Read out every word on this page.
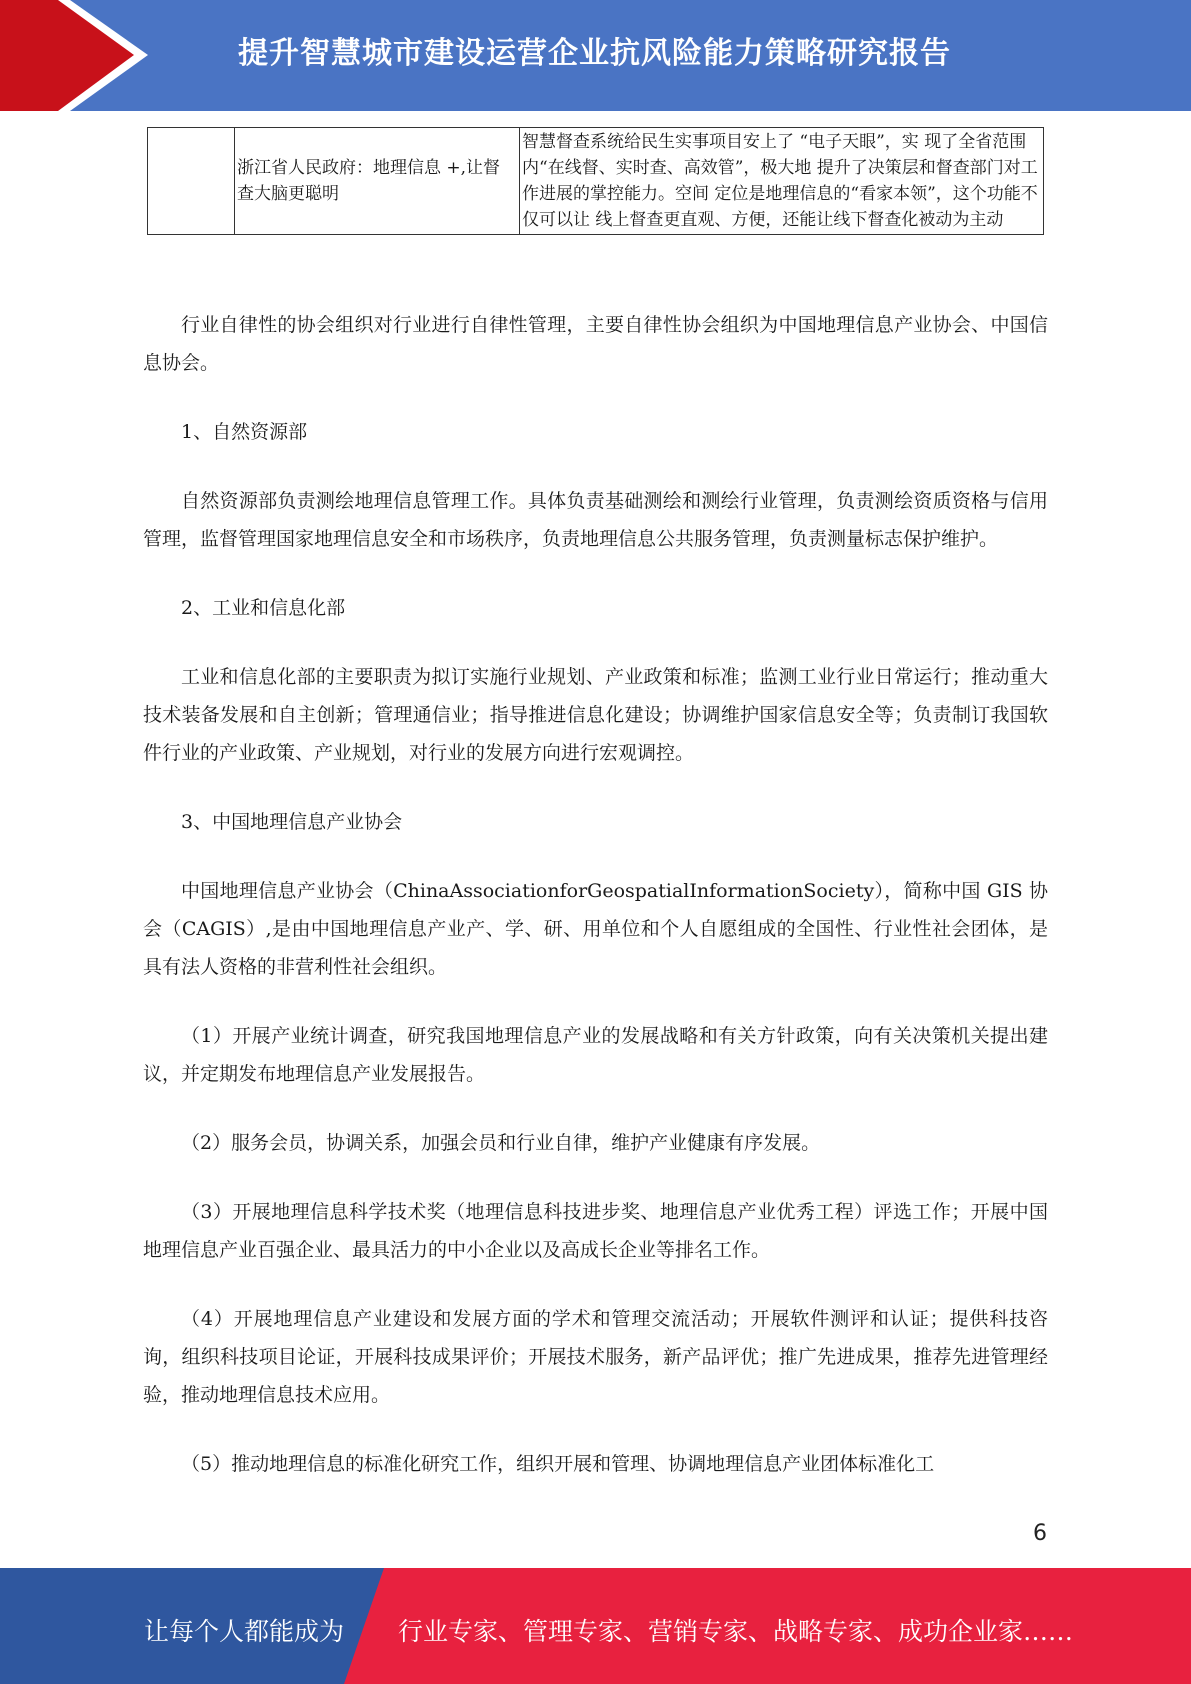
提升智慧城市建设运营企业抗风险能力策略研究报告
	浙江省人民政府：地理信息 +,让督查大脑更聪明	智慧督查系统给民生实事项目安上了 “电子天眼”，实 现了全省范围内“在线督、实时查、高效管”，极大地 提升了决策层和督查部门对工作进展的掌控能力。空间 定位是地理信息的“看家本领”，这个功能不仅可以让 线上督查更直观、方便，还能让线下督查化被动为主动

行业自律性的协会组织对行业进行自律性管理，主要自律性协会组织为中国地理信息产业协会、中国信息协会。

1、自然资源部

自然资源部负责测绘地理信息管理工作。具体负责基础测绘和测绘行业管理，负责测绘资质资格与信用管理，监督管理国家地理信息安全和市场秩序，负责地理信息公共服务管理，负责测量标志保护维护。

2、工业和信息化部

工业和信息化部的主要职责为拟订实施行业规划、产业政策和标准；监测工业行业日常运行；推动重大技术装备发展和自主创新；管理通信业；指导推进信息化建设；协调维护国家信息安全等；负责制订我国软件行业的产业政策、产业规划，对行业的发展方向进行宏观调控。

3、中国地理信息产业协会

中国地理信息产业协会（ChinaAssociationforGeospatialInformationSociety），简称中国 GIS 协会（CAGIS）,是由中国地理信息产业产、学、研、用单位和个人自愿组成的全国性、行业性社会团体，是具有法人资格的非营利性社会组织。

（1）开展产业统计调查，研究我国地理信息产业的发展战略和有关方针政策，向有关决策机关提出建议，并定期发布地理信息产业发展报告。

（2）服务会员，协调关系，加强会员和行业自律，维护产业健康有序发展。

（3）开展地理信息科学技术奖（地理信息科技进步奖、地理信息产业优秀工程）评选工作；开展中国地理信息产业百强企业、最具活力的中小企业以及高成长企业等排名工作。

（4）开展地理信息产业建设和发展方面的学术和管理交流活动；开展软件测评和认证；提供科技咨询，组织科技项目论证，开展科技成果评价；开展技术服务，新产品评优；推广先进成果，推荐先进管理经验，推动地理信息技术应用。

（5）推动地理信息的标准化研究工作，组织开展和管理、协调地理信息产业团体标准化工

6
让每个人都能成为 行业专家、管理专家、营销专家、战略专家、成功企业家……
